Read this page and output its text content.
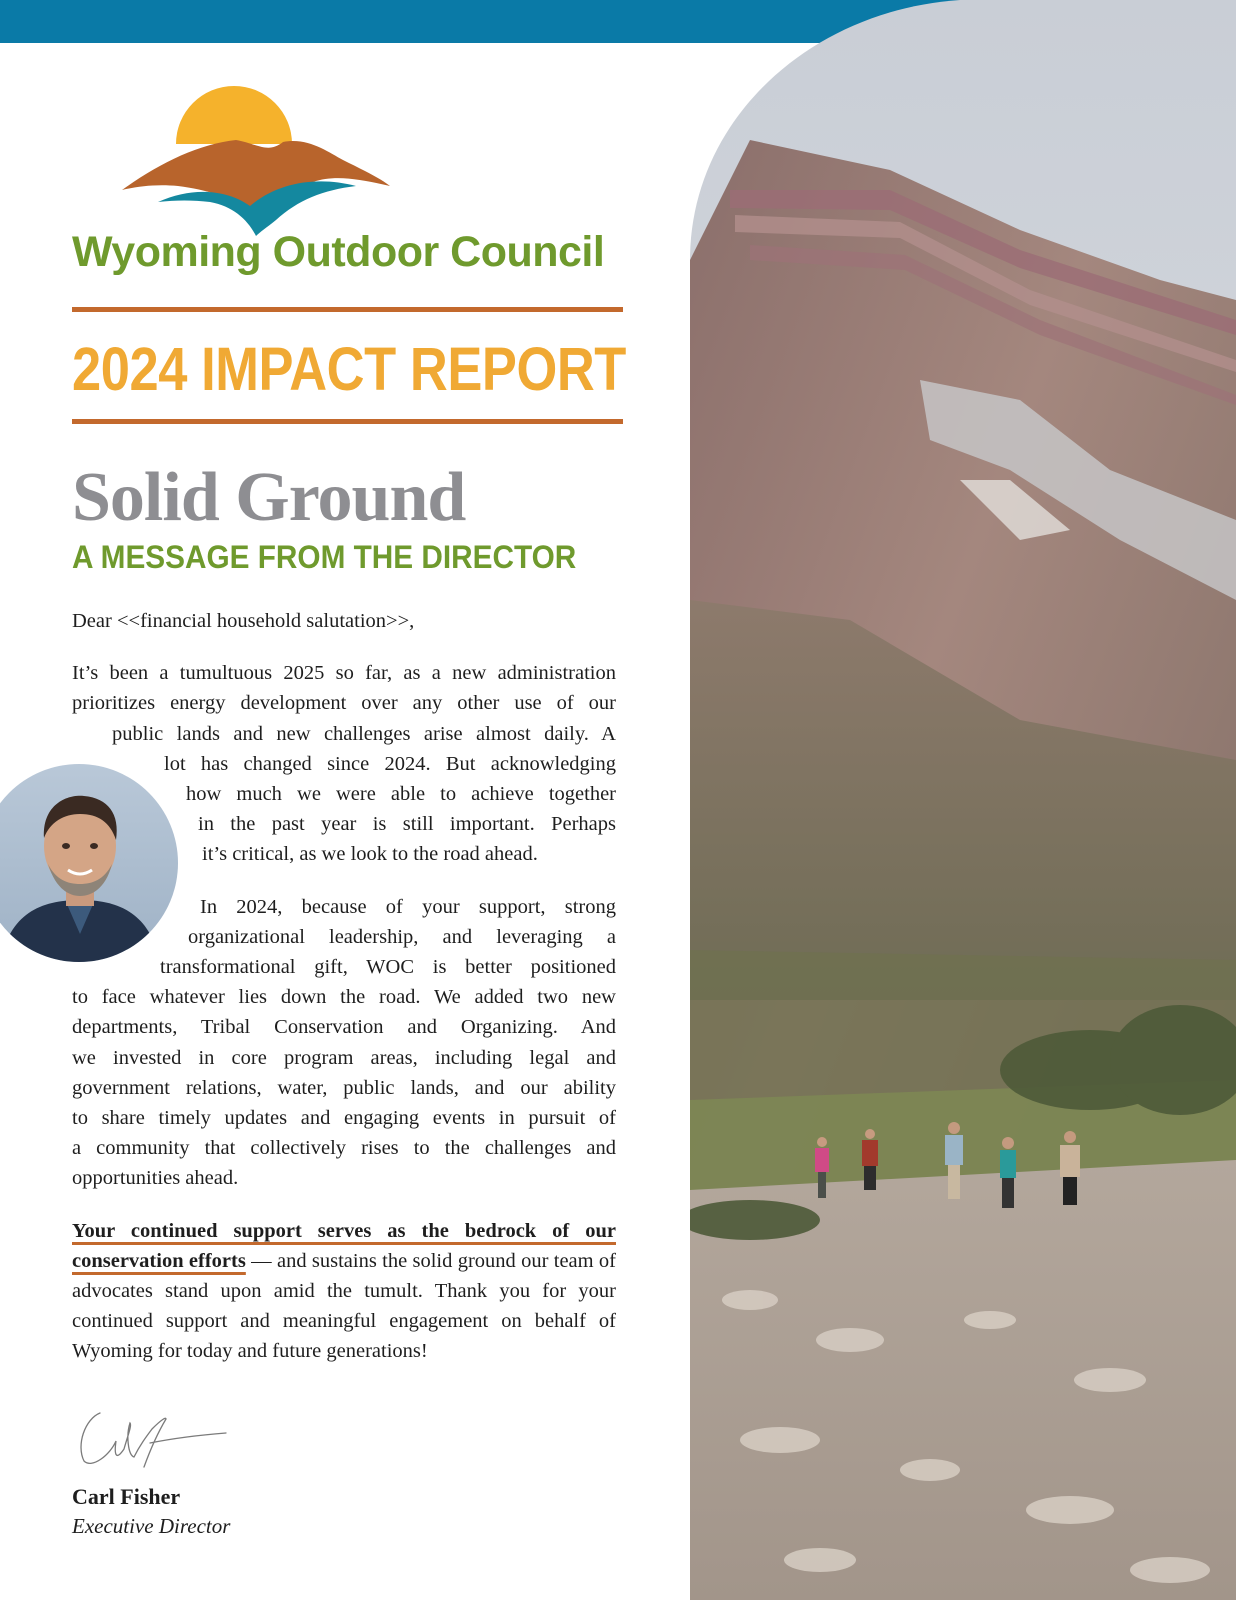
Wyoming Outdoor Council
2024 IMPACT REPORT
Solid Ground
A MESSAGE FROM THE DIRECTOR

Dear <<financial household salutation>>,

It’s been a tumultuous 2025 so far, as a new administration
prioritizes energy development over any other use of our
public lands and new challenges arise almost daily. A
lot has changed since 2024. But acknowledging
how much we were able to achieve together
in the past year is still important. Perhaps
it’s critical, as we look to the road ahead.
In 2024, because of your support, strong
organizational leadership, and leveraging a
transformational gift, WOC is better positioned
to face whatever lies down the road. We added two new
departments, Tribal Conservation and Organizing. And
we invested in core program areas, including legal and
government relations, water, public lands, and our ability
to share timely updates and engaging events in pursuit of
a community that collectively rises to the challenges and
opportunities ahead.
Your continued support serves as the bedrock of our conservation efforts — and sustains the solid ground our team of advocates stand upon amid the tumult. Thank you for your continued support and meaningful engagement on behalf of Wyoming for today and future generations!
Carl Fisher
Executive Director
